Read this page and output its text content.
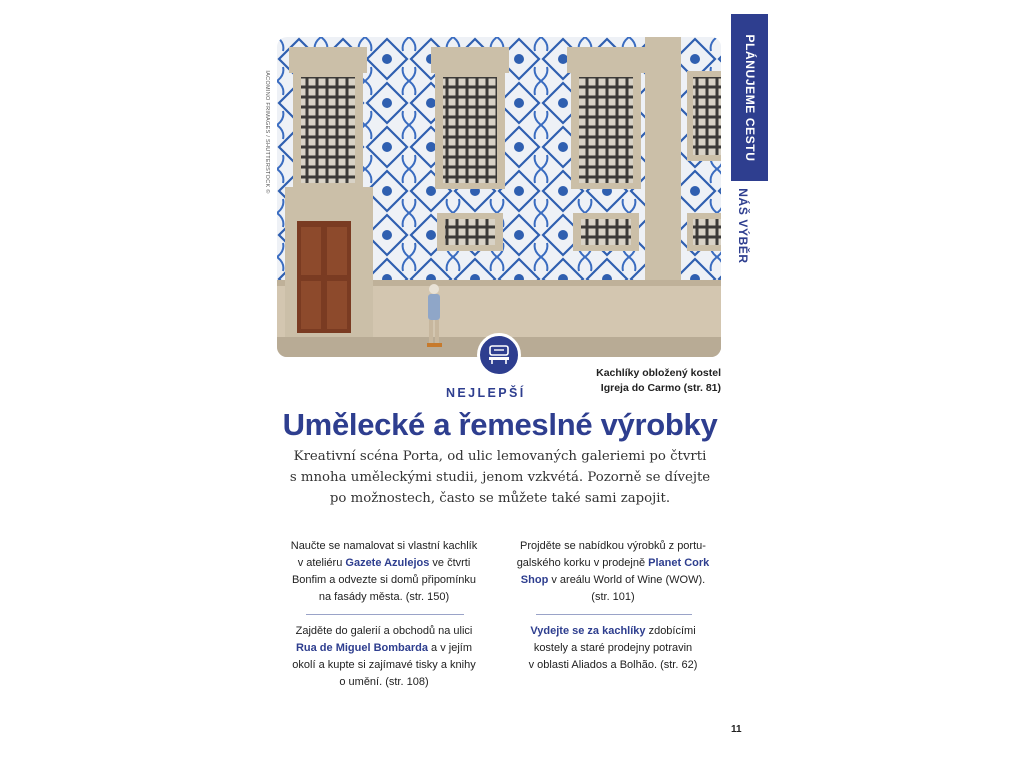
IACOMINO FRIMAGES / SHUTTERSTOCK ©	PLÁNUJEME CESTU
NÁŠ VÝBĚR
NEJLEPŠÍ
Kachlíky obložený kostel
Igreja do Carmo (str. 81)
Umělecké a řemeslné výrobky
Kreativní scéna Porta, od ulic lemovaných galeriemi po čtvrti
s mnoha uměleckými studii, jenom vzkvétá. Pozorně se dívejte
po možnostech, často se můžete také sami zapojit.
Naučte se namalovat si vlastní kachlík
v ateliéru Gazete Azulejos ve čtvrti
Bonfim a odvezte si domů připomínku
na fasády města. (str. 150)
Projděte se nabídkou výrobků z portu-
galského korku v prodejně Planet Cork
Shop v areálu World of Wine (WOW).
(str. 101)
Zajděte do galerií a obchodů na ulici
Rua de Miguel Bombarda a v jejím
okolí a kupte si zajímavé tisky a knihy
o umění. (str. 108)
Vydejte se za kachlíky zdobícími
kostely a staré prodejny potravin
v oblasti Aliados a Bolhão. (str. 62)
11
